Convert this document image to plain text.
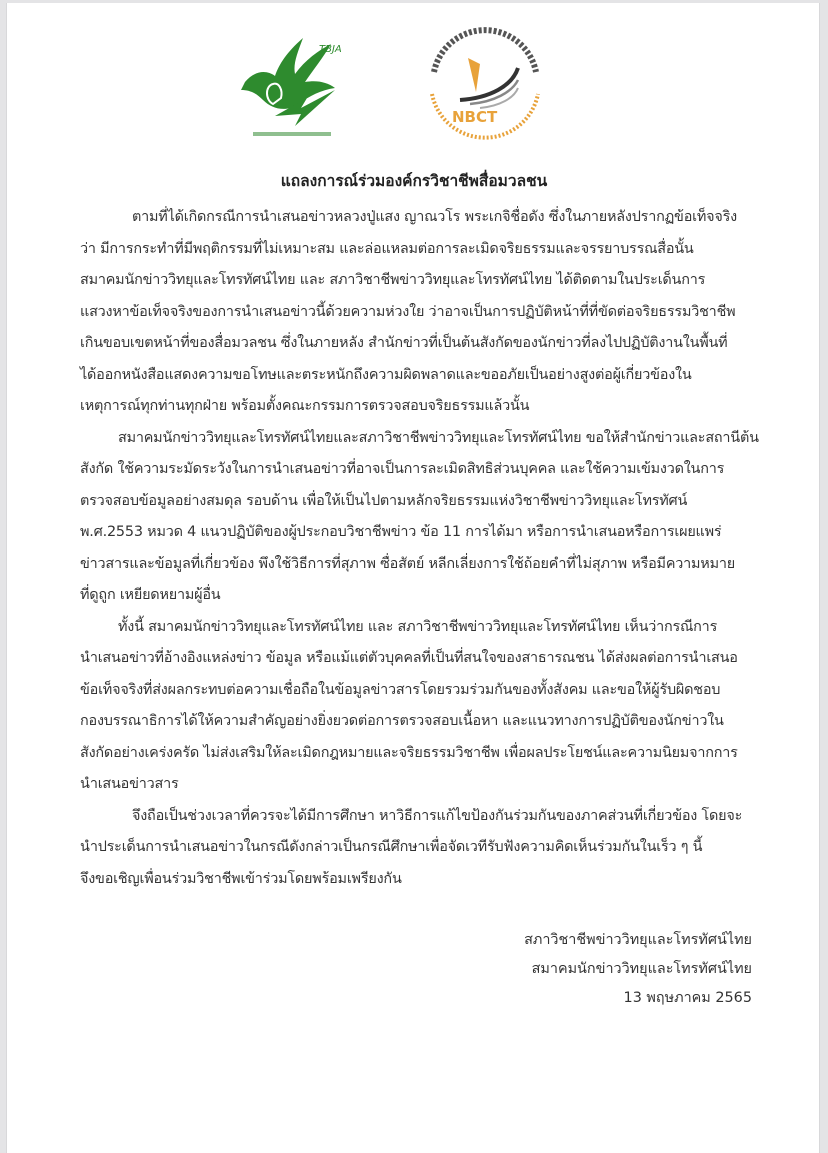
TBJA
NBCT
แถลงการณ์ร่วมองค์กรวิชาชีพสื่อมวลชน
ตามที่ได้เกิดกรณีการนำเสนอข่าวหลวงปู่แสง ญาณวโร พระเกจิชื่อดัง ซึ่งในภายหลังปรากฏข้อเท็จจริง
ว่า มีการกระทำที่มีพฤติกรรมที่ไม่เหมาะสม และล่อแหลมต่อการละเมิดจริยธรรมและจรรยาบรรณสื่อนั้น
สมาคมนักข่าววิทยุและโทรทัศน์ไทย และ สภาวิชาชีพข่าววิทยุและโทรทัศน์ไทย ได้ติดตามในประเด็นการ
แสวงหาข้อเท็จจริงของการนำเสนอข่าวนี้ด้วยความห่วงใย ว่าอาจเป็นการปฏิบัติหน้าที่ที่ขัดต่อจริยธรรมวิชาชีพ
เกินขอบเขตหน้าที่ของสื่อมวลชน ซึ่งในภายหลัง สำนักข่าวที่เป็นต้นสังกัดของนักข่าวที่ลงไปปฏิบัติงานในพื้นที่
ได้ออกหนังสือแสดงความขอโทษและตระหนักถึงความผิดพลาดและขออภัยเป็นอย่างสูงต่อผู้เกี่ยวข้องใน
เหตุการณ์ทุกท่านทุกฝ่าย พร้อมตั้งคณะกรรมการตรวจสอบจริยธรรมแล้วนั้น
สมาคมนักข่าววิทยุและโทรทัศน์ไทยและสภาวิชาชีพข่าววิทยุและโทรทัศน์ไทย ขอให้สำนักข่าวและสถานีต้น
สังกัด ใช้ความระมัดระวังในการนำเสนอข่าวที่อาจเป็นการละเมิดสิทธิส่วนบุคคล และใช้ความเข้มงวดในการ
ตรวจสอบข้อมูลอย่างสมดุล รอบด้าน เพื่อให้เป็นไปตามหลักจริยธรรมแห่งวิชาชีพข่าววิทยุและโทรทัศน์
พ.ศ.2553 หมวด 4 แนวปฏิบัติของผู้ประกอบวิชาชีพข่าว ข้อ 11 การได้มา หรือการนำเสนอหรือการเผยแพร่
ข่าวสารและข้อมูลที่เกี่ยวข้อง พึงใช้วิธีการที่สุภาพ ซื่อสัตย์ หลีกเลี่ยงการใช้ถ้อยคำที่ไม่สุภาพ หรือมีความหมาย
ที่ดูถูก เหยียดหยามผู้อื่น
ทั้งนี้ สมาคมนักข่าววิทยุและโทรทัศน์ไทย และ สภาวิชาชีพข่าววิทยุและโทรทัศน์ไทย เห็นว่ากรณีการ
นำเสนอข่าวที่อ้างอิงแหล่งข่าว ข้อมูล หรือแม้แต่ตัวบุคคลที่เป็นที่สนใจของสาธารณชน ได้ส่งผลต่อการนำเสนอ
ข้อเท็จจริงที่ส่งผลกระทบต่อความเชื่อถือในข้อมูลข่าวสารโดยรวมร่วมกันของทั้งสังคม และขอให้ผู้รับผิดชอบ
กองบรรณาธิการได้ให้ความสำคัญอย่างยิ่งยวดต่อการตรวจสอบเนื้อหา และแนวทางการปฏิบัติของนักข่าวใน
สังกัดอย่างเคร่งครัด ไม่ส่งเสริมให้ละเมิดกฎหมายและจริยธรรมวิชาชีพ เพื่อผลประโยชน์และความนิยมจากการ
นำเสนอข่าวสาร
จึงถือเป็นช่วงเวลาที่ควรจะได้มีการศึกษา หาวิธีการแก้ไขป้องกันร่วมกันของภาคส่วนที่เกี่ยวข้อง โดยจะ
นำประเด็นการนำเสนอข่าวในกรณีดังกล่าวเป็นกรณีศึกษาเพื่อจัดเวทีรับฟังความคิดเห็นร่วมกันในเร็ว ๆ นี้
จึงขอเชิญเพื่อนร่วมวิชาชีพเข้าร่วมโดยพร้อมเพรียงกัน
สภาวิชาชีพข่าววิทยุและโทรทัศน์ไทย
สมาคมนักข่าววิทยุและโทรทัศน์ไทย
13 พฤษภาคม 2565
